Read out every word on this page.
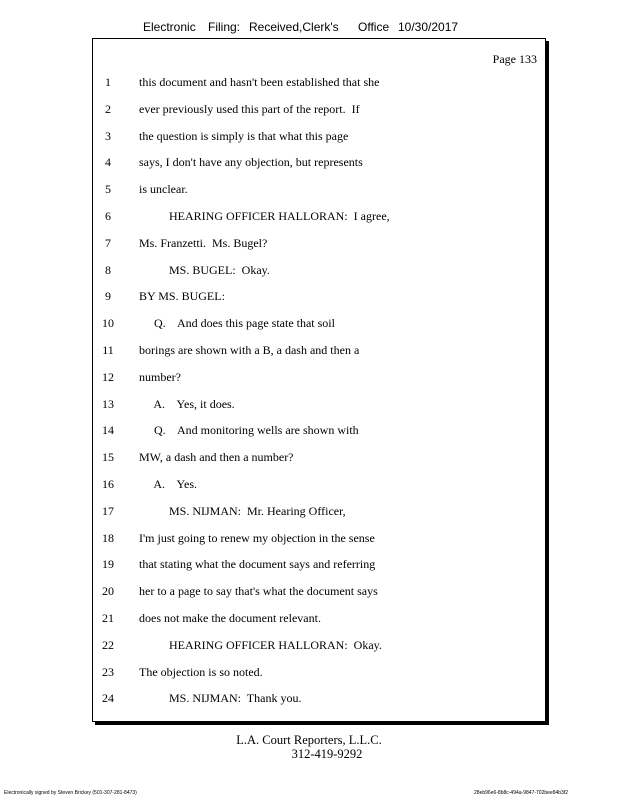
Electronic Filing: Received,Clerk's Office 10/30/2017
Page 133
1	this document and hasn't been established that she
2	ever previously used this part of the report.  If
3	the question is simply is that what this page
4	says, I don't have any objection, but represents
5	is unclear.
6	HEARING OFFICER HALLORAN:  I agree,
7	Ms. Franzetti.  Ms. Bugel?
8	MS. BUGEL:  Okay.
9	BY MS. BUGEL:
10	Q.    And does this page state that soil
11	borings are shown with a B, a dash and then a
12	number?
13	A.    Yes, it does.
14	Q.    And monitoring wells are shown with
15	MW, a dash and then a number?
16	A.    Yes.
17	MS. NIJMAN:  Mr. Hearing Officer,
18	I'm just going to renew my objection in the sense
19	that stating what the document says and referring
20	her to a page to say that's what the document says
21	does not make the document relevant.
22	HEARING OFFICER HALLORAN:  Okay.
23	The objection is so noted.
24	MS. NIJMAN:  Thank you.
L.A. Court Reporters, L.L.C.
312-419-9292
Electronically signed by Steven Brickey (501-307-281-8473)	28eb96e6-8b8c-494a-9847-702bee84b3f2
